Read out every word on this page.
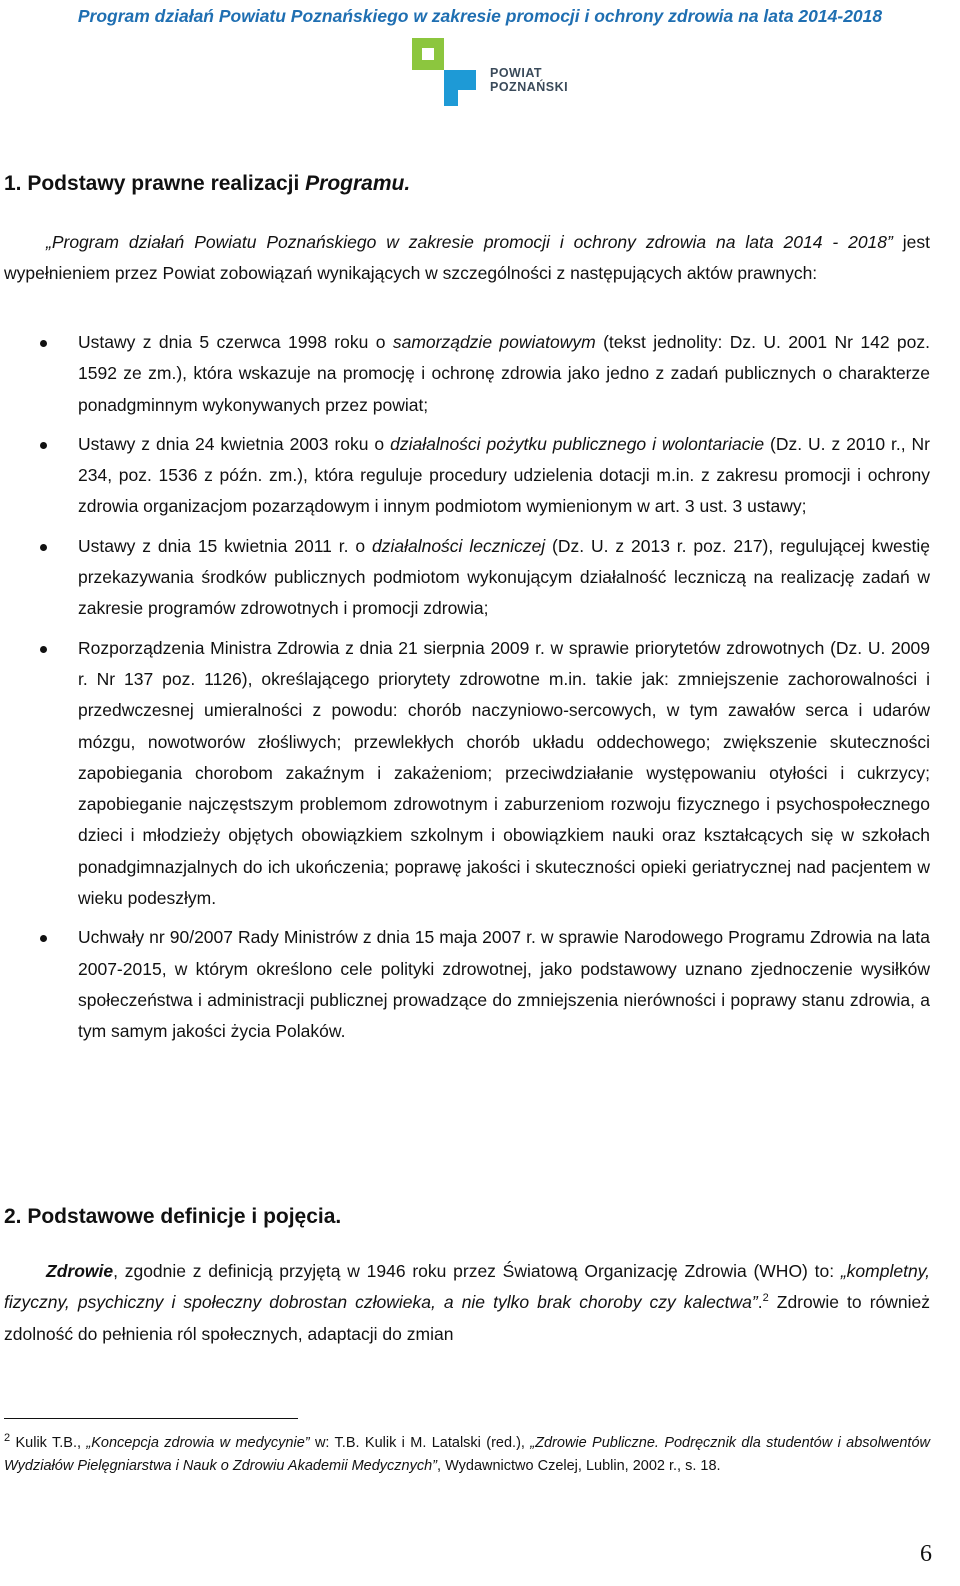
Program działań Powiatu Poznańskiego w zakresie promocji i ochrony zdrowia na lata 2014-2018
POWIAT
POZNAŃSKI
1. Podstawy prawne realizacji Programu.

„Program działań Powiatu Poznańskiego w zakresie promocji i ochrony zdrowia na lata 2014 - 2018” jest wypełnieniem przez Powiat zobowiązań wynikających w szczególności z następujących aktów prawnych:

Ustawy z dnia 5 czerwca 1998 roku o samorządzie powiatowym (tekst jednolity: Dz. U. 2001 Nr 142 poz. 1592 ze zm.), która wskazuje na promocję i ochronę zdrowia jako jedno z zadań publicznych o charakterze ponadgminnym wykonywanych przez powiat;
Ustawy z dnia 24 kwietnia 2003 roku o działalności pożytku publicznego i wolontariacie (Dz. U. z 2010 r., Nr 234, poz. 1536 z późn. zm.), która reguluje procedury udzielenia dotacji m.in. z zakresu promocji i ochrony zdrowia organizacjom pozarządowym i innym podmiotom wymienionym w art. 3 ust. 3 ustawy;
Ustawy z dnia 15 kwietnia 2011 r. o działalności leczniczej (Dz. U. z 2013 r. poz. 217), regulującej kwestię przekazywania środków publicznych podmiotom wykonującym działalność leczniczą na realizację zadań w zakresie programów zdrowotnych i promocji zdrowia;
Rozporządzenia Ministra Zdrowia z dnia 21 sierpnia 2009 r. w sprawie priorytetów zdrowotnych (Dz. U. 2009 r. Nr 137 poz. 1126), określającego priorytety zdrowotne m.in. takie jak: zmniejszenie zachorowalności i przedwczesnej umieralności z powodu: chorób naczyniowo-sercowych, w tym zawałów serca i udarów mózgu, nowotworów złośliwych; przewlekłych chorób układu oddechowego; zwiększenie skuteczności zapobiegania chorobom zakaźnym i zakażeniom; przeciwdziałanie występowaniu otyłości i cukrzycy; zapobieganie najczęstszym problemom zdrowotnym i zaburzeniom rozwoju fizycznego i psychospołecznego dzieci i młodzieży objętych obowiązkiem szkolnym i obowiązkiem nauki oraz kształcących się w szkołach ponadgimnazjalnych do ich ukończenia; poprawę jakości i skuteczności opieki geriatrycznej nad pacjentem w wieku podeszłym.
Uchwały nr 90/2007 Rady Ministrów z dnia 15 maja 2007 r. w sprawie Narodowego Programu Zdrowia na lata 2007-2015, w którym określono cele polityki zdrowotnej, jako podstawowy uznano zjednoczenie wysiłków społeczeństwa i administracji publicznej prowadzące do zmniejszenia nierówności i poprawy stanu zdrowia, a tym samym jakości życia Polaków.
2. Podstawowe definicje i pojęcia.

Zdrowie, zgodnie z definicją przyjętą w 1946 roku przez Światową Organizację Zdrowia (WHO) to: „kompletny, fizyczny, psychiczny i społeczny dobrostan człowieka, a nie tylko brak choroby czy kalectwa”.$^2$ Zdrowie to również zdolność do pełnienia ról społecznych, adaptacji do zmian

$^2$ Kulik T.B., „Koncepcja zdrowia w medycynie” w: T.B. Kulik i M. Latalski (red.), „Zdrowie Publiczne. Podręcznik dla studentów i absolwentów Wydziałów Pielęgniarstwa i Nauk o Zdrowiu Akademii Medycznych”, Wydawnictwo Czelej, Lublin, 2002 r., s. 18.
6
